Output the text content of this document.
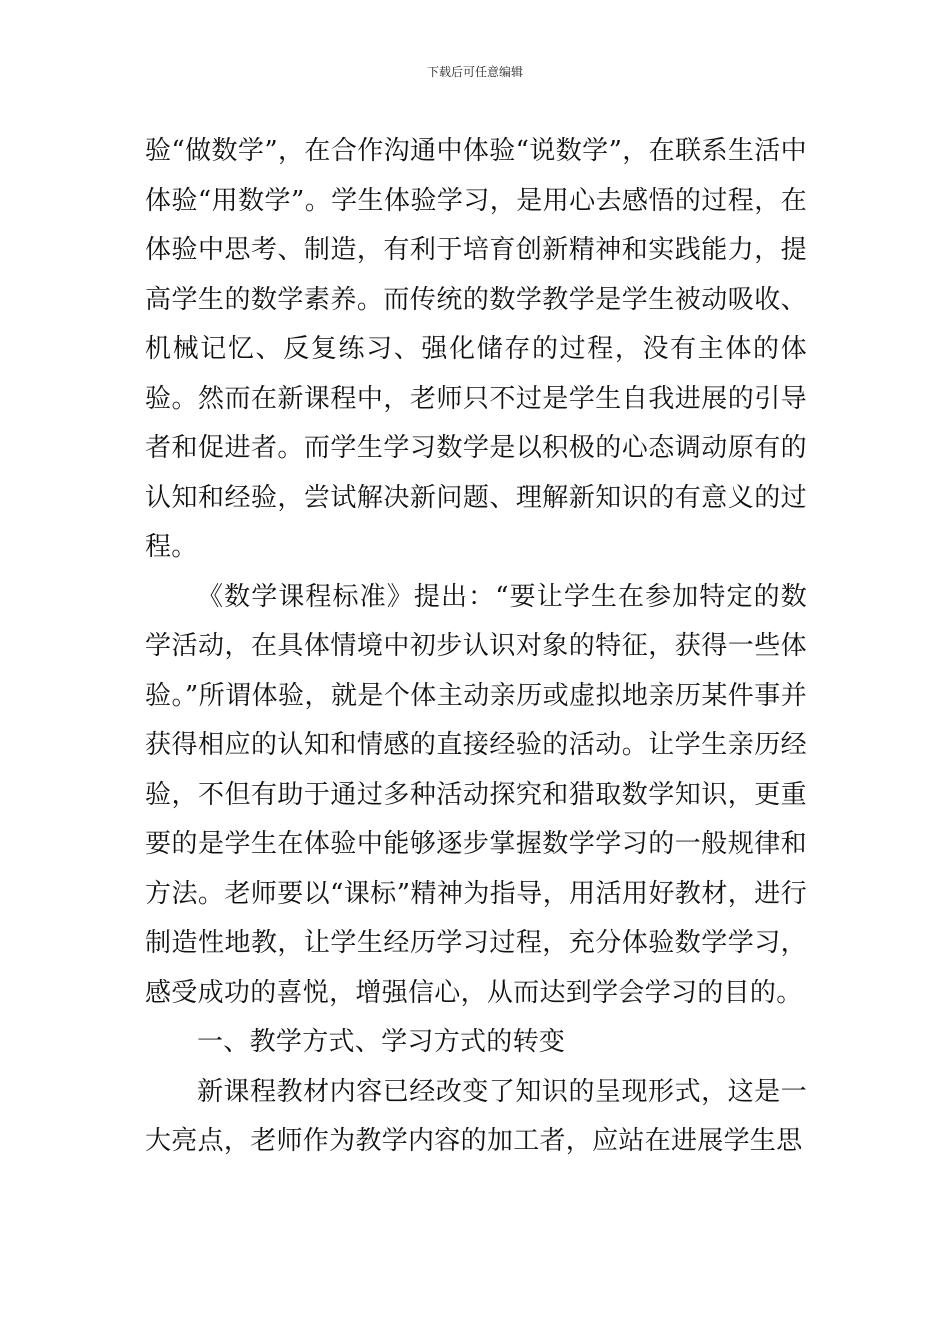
下载后可任意编辑

验“做数学”，在合作沟通中体验“说数学”，在联系生活中体验“用数学”。学生体验学习，是用心去感悟的过程，在体验中思考、制造，有利于培育创新精神和实践能力，提高学生的数学素养。而传统的数学教学是学生被动吸收、机械记忆、反复练习、强化储存的过程，没有主体的体验。然而在新课程中，老师只不过是学生自我进展的引导者和促进者。而学生学习数学是以积极的心态调动原有的认知和经验，尝试解决新问题、理解新知识的有意义的过程。

《数学课程标准》提出：“要让学生在参加特定的数学活动，在具体情境中初步认识对象的特征，获得一些体验。”所谓体验，就是个体主动亲历或虚拟地亲历某件事并获得相应的认知和情感的直接经验的活动。让学生亲历经验，不但有助于通过多种活动探究和猎取数学知识，更重要的是学生在体验中能够逐步掌握数学学习的一般规律和方法。老师要以“课标”精神为指导，用活用好教材，进行制造性地教，让学生经历学习过程，充分体验数学学习，感受成功的喜悦，增强信心，从而达到学会学习的目的。

一、教学方式、学习方式的转变

新课程教材内容已经改变了知识的呈现形式，这是一大亮点，老师作为教学内容的加工者，应站在进展学生思
